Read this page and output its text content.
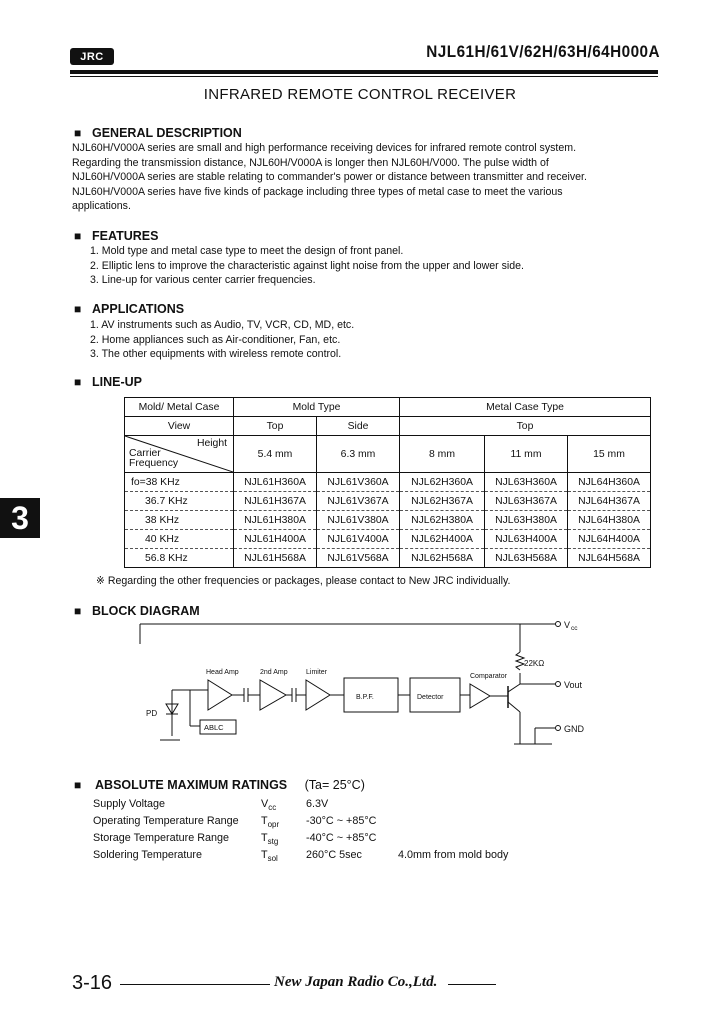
JRC	NJL61H/61V/62H/63H/64H000A
INFRARED REMOTE CONTROL RECEIVER
3
■ GENERAL DESCRIPTION
NJL60H/V000A series are small and high performance receiving devices for infrared remote control system.
Regarding the transmission distance, NJL60H/V000A is longer then NJL60H/V000. The pulse width of
NJL60H/V000A series are stable relating to commander's power or distance between transmitter and receiver.
NJL60H/V000A series have five kinds of package including three types of metal case to meet the various
applications.
■ FEATURES
1. Mold type and metal case type to meet the design of front panel.
2. Elliptic lens to improve the characteristic against light noise from the upper and lower side.
3. Line-up for various center carrier frequencies.
■ APPLICATIONS
1. AV instruments such as Audio, TV, VCR, CD, MD, etc.
2. Home appliances such as Air-conditioner, Fan, etc.
3. The other equipments with wireless remote control.
■ LINE-UP
Mold/ Metal Case	Mold Type		Metal Case Type		
View	Top	Side	Top		

Height
Carrier
Frequency	5.4 mm	6.3 mm	8 mm	11 mm	15 mm
fo=38 KHz	NJL61H360A	NJL61V360A	NJL62H360A	NJL63H360A	NJL64H360A
36.7 KHz	NJL61H367A	NJL61V367A	NJL62H367A	NJL63H367A	NJL64H367A
38 KHz	NJL61H380A	NJL61V380A	NJL62H380A	NJL63H380A	NJL64H380A
40 KHz	NJL61H400A	NJL61V400A	NJL62H400A	NJL63H400A	NJL64H400A
56.8 KHz	NJL61H568A	NJL61V568A	NJL62H568A	NJL63H568A	NJL64H568A
※ Regarding the other frequencies or packages, please contact to New JRC individually.
■ BLOCK DIAGRAM
Head Amp	2nd Amp	Limiter
B.P.F.	Detector
Comparator
22KΩ
PD
ABLC
V cc
Vout
GND
■ ABSOLUTE MAXIMUM RATINGS (Ta= 25°C)
Supply Voltage	$V_{cc}$	6.3V
Operating Temperature Range $T_{opr}$ -30°C ~ +85°C
Storage Temperature Range	$T_{stg}$	-40°C ~ +85°C
Soldering Temperature	$T_{sol}$	260°C 5sec	4.0mm from mold body
3-16	New Japan Radio Co.,Ltd.
